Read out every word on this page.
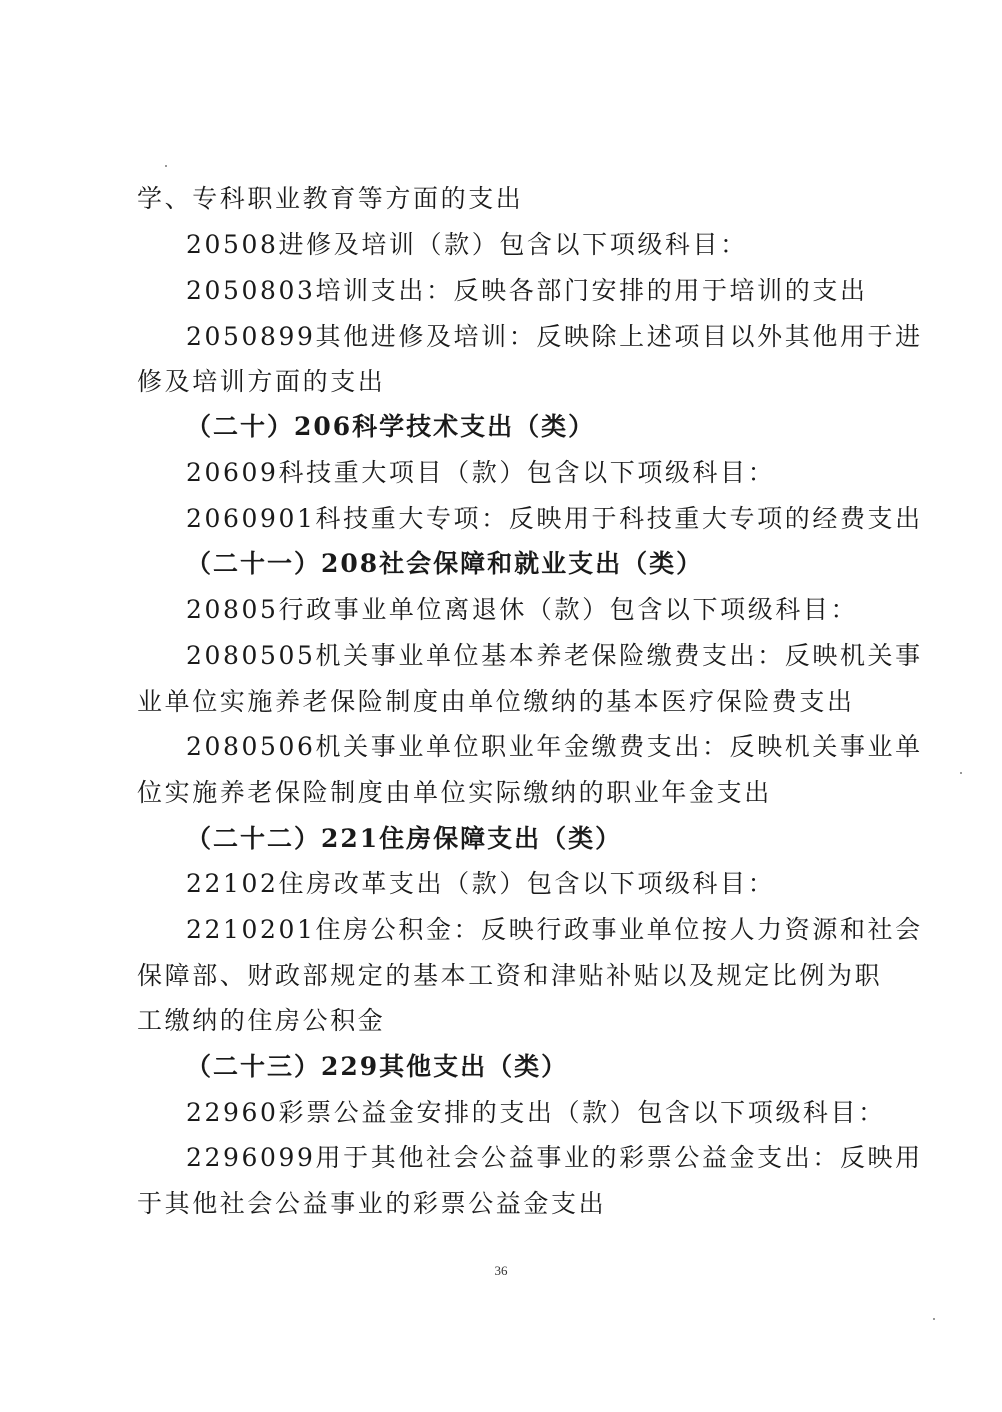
学、专科职业教育等方面的支出
20508进修及培训（款）包含以下项级科目：
2050803培训支出：反映各部门安排的用于培训的支出
2050899其他进修及培训：反映除上述项目以外其他用于进
修及培训方面的支出
（二十）206科学技术支出（类）
20609科技重大项目（款）包含以下项级科目：
2060901科技重大专项：反映用于科技重大专项的经费支出
（二十一）208社会保障和就业支出（类）
20805行政事业单位离退休（款）包含以下项级科目：
2080505机关事业单位基本养老保险缴费支出：反映机关事
业单位实施养老保险制度由单位缴纳的基本医疗保险费支出
2080506机关事业单位职业年金缴费支出：反映机关事业单
位实施养老保险制度由单位实际缴纳的职业年金支出
（二十二）221住房保障支出（类）
22102住房改革支出（款）包含以下项级科目：
2210201住房公积金：反映行政事业单位按人力资源和社会
保障部、财政部规定的基本工资和津贴补贴以及规定比例为职
工缴纳的住房公积金
（二十三）229其他支出（类）
22960彩票公益金安排的支出（款）包含以下项级科目：
2296099用于其他社会公益事业的彩票公益金支出：反映用
于其他社会公益事业的彩票公益金支出
36
